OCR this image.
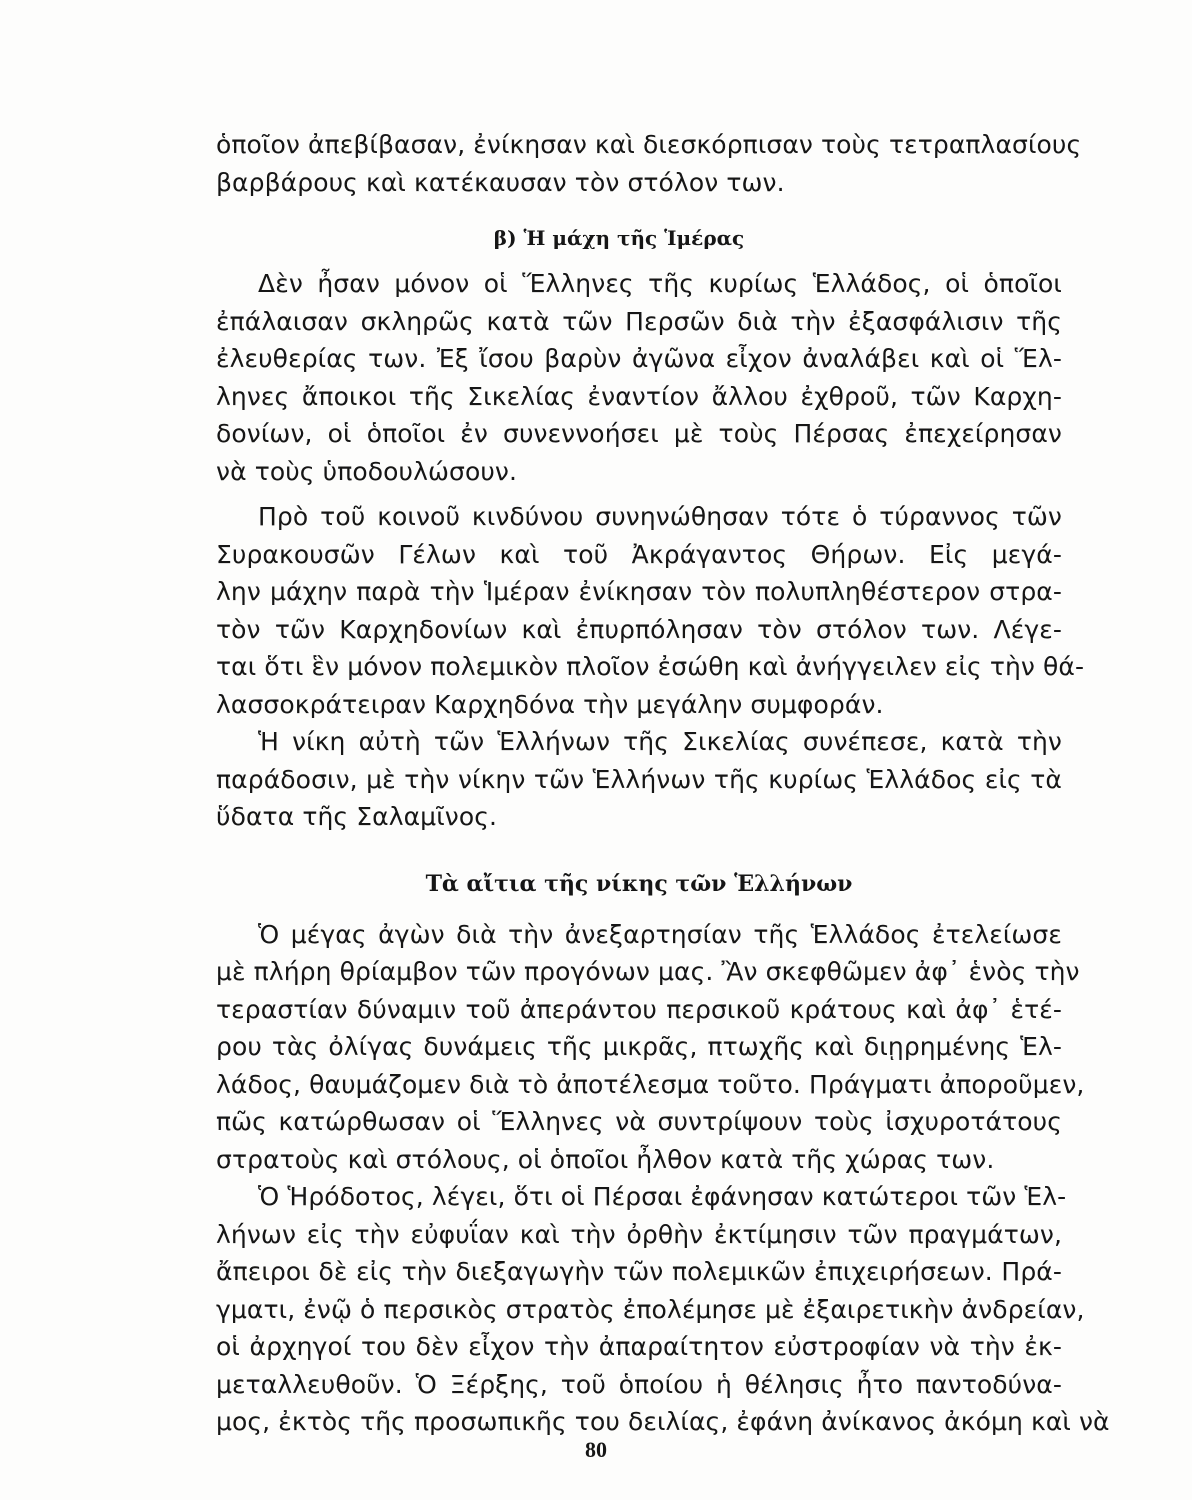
ὁποῖον ἀπεβίβασαν, ἐνίκησαν καὶ διεσκόρπισαν τοὺς τετραπλασίους
βαρβάρους καὶ κατέκαυσαν τὸν στόλον των.
β) Ἡ μάχη τῆς Ἱμέρας
Δὲν ἦσαν μόνον οἱ Ἕλληνες τῆς κυρίως Ἑλλάδος, οἱ ὁποῖοι
ἐπάλαισαν σκληρῶς κατὰ τῶν Περσῶν διὰ τὴν ἐξασφάλισιν τῆς
ἐλευθερίας των. Ἐξ ἴσου βαρὺν ἀγῶνα εἶχον ἀναλάβει καὶ οἱ Ἕλ-
ληνες ἄποικοι τῆς Σικελίας ἐναντίον ἄλλου ἐχθροῦ, τῶν Καρχη-
δονίων, οἱ ὁποῖοι ἐν συνεννοήσει μὲ τοὺς Πέρσας ἐπεχείρησαν
νὰ τοὺς ὑποδουλώσουν.
Πρὸ τοῦ κοινοῦ κινδύνου συνηνώθησαν τότε ὁ τύραννος τῶν
Συρακουσῶν Γέλων καὶ τοῦ Ἀκράγαντος Θήρων. Εἰς μεγά-
λην μάχην παρὰ τὴν Ἱμέραν ἐνίκησαν τὸν πολυπληθέστερον στρα-
τὸν τῶν Καρχηδονίων καὶ ἐπυρπόλησαν τὸν στόλον των. Λέγε-
ται ὅτι ἓν μόνον πολεμικὸν πλοῖον ἐσώθη καὶ ἀνήγγειλεν εἰς τὴν θά-
λασσοκράτειραν Καρχηδόνα τὴν μεγάλην συμφοράν.
Ἡ νίκη αὐτὴ τῶν Ἑλλήνων τῆς Σικελίας συνέπεσε, κατὰ τὴν
παράδοσιν, μὲ τὴν νίκην τῶν Ἑλλήνων τῆς κυρίως Ἑλλάδος εἰς τὰ
ὕδατα τῆς Σαλαμῖνος.
Τὰ αἴτια τῆς νίκης τῶν Ἑλλήνων
Ὁ μέγας ἀγὼν διὰ τὴν ἀνεξαρτησίαν τῆς Ἑλλάδος ἐτελείωσε
μὲ πλήρη θρίαμβον τῶν προγόνων μας. Ἂν σκεφθῶμεν ἀφ᾿ ἑνὸς τὴν
τεραστίαν δύναμιν τοῦ ἀπεράντου περσικοῦ κράτους καὶ ἀφ᾿ ἑτέ-
ρου τὰς ὀλίγας δυνάμεις τῆς μικρᾶς, πτωχῆς καὶ διῃρημένης Ἑλ-
λάδος, θαυμάζομεν διὰ τὸ ἀποτέλεσμα τοῦτο. Πράγματι ἀποροῦμεν,
πῶς κατώρθωσαν οἱ Ἕλληνες νὰ συντρίψουν τοὺς ἰσχυροτάτους
στρατοὺς καὶ στόλους, οἱ ὁποῖοι ἦλθον κατὰ τῆς χώρας των.
Ὁ Ἡρόδοτος, λέγει, ὅτι οἱ Πέρσαι ἐφάνησαν κατώτεροι τῶν Ἑλ-
λήνων εἰς τὴν εὐφυΐαν καὶ τὴν ὀρθὴν ἐκτίμησιν τῶν πραγμάτων,
ἄπειροι δὲ εἰς τὴν διεξαγωγὴν τῶν πολεμικῶν ἐπιχειρήσεων. Πρά-
γματι, ἐνῷ ὁ περσικὸς στρατὸς ἐπολέμησε μὲ ἐξαιρετικὴν ἀνδρείαν,
οἱ ἀρχηγοί του δὲν εἶχον τὴν ἀπαραίτητον εὐστροφίαν νὰ τὴν ἐκ-
μεταλλευθοῦν. Ὁ Ξέρξης, τοῦ ὁποίου ἡ θέλησις ἦτο παντοδύνα-
μος, ἐκτὸς τῆς προσωπικῆς του δειλίας, ἐφάνη ἀνίκανος ἀκόμη καὶ νὰ
80
